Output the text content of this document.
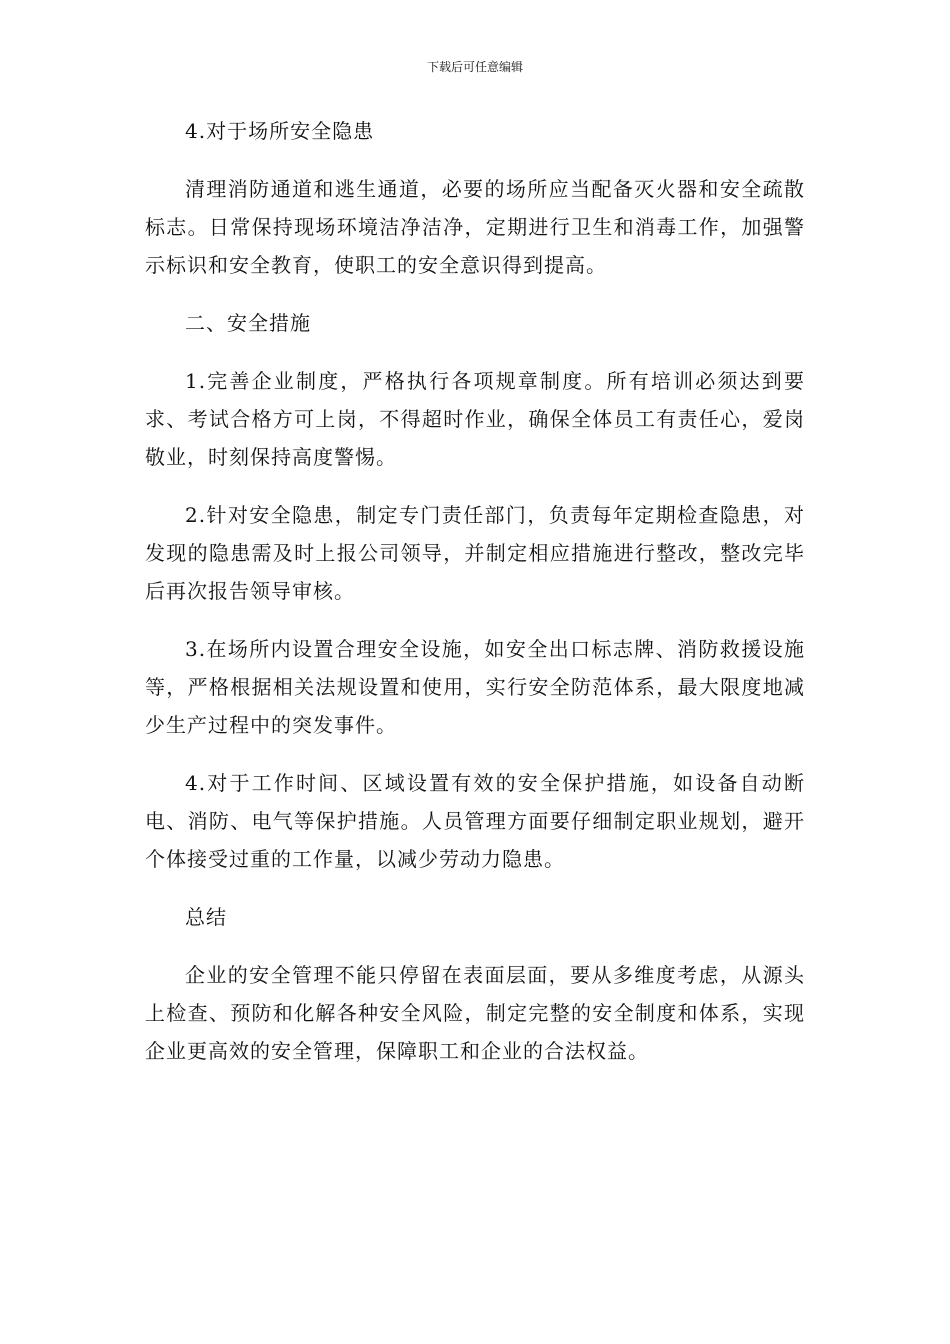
下载后可任意编辑

4.对于场所安全隐患

清理消防通道和逃生通道，必要的场所应当配备灭火器和安全疏散标志。日常保持现场环境洁净洁净，定期进行卫生和消毒工作，加强警示标识和安全教育，使职工的安全意识得到提高。

二、安全措施

1.完善企业制度，严格执行各项规章制度。所有培训必须达到要求、考试合格方可上岗，不得超时作业，确保全体员工有责任心，爱岗敬业，时刻保持高度警惕。

2.针对安全隐患，制定专门责任部门，负责每年定期检查隐患，对发现的隐患需及时上报公司领导，并制定相应措施进行整改，整改完毕后再次报告领导审核。

3.在场所内设置合理安全设施，如安全出口标志牌、消防救援设施等，严格根据相关法规设置和使用，实行安全防范体系，最大限度地减少生产过程中的突发事件。

4.对于工作时间、区域设置有效的安全保护措施，如设备自动断电、消防、电气等保护措施。人员管理方面要仔细制定职业规划，避开个体接受过重的工作量，以减少劳动力隐患。

总结

企业的安全管理不能只停留在表面层面，要从多维度考虑，从源头上检查、预防和化解各种安全风险，制定完整的安全制度和体系，实现企业更高效的安全管理，保障职工和企业的合法权益。
